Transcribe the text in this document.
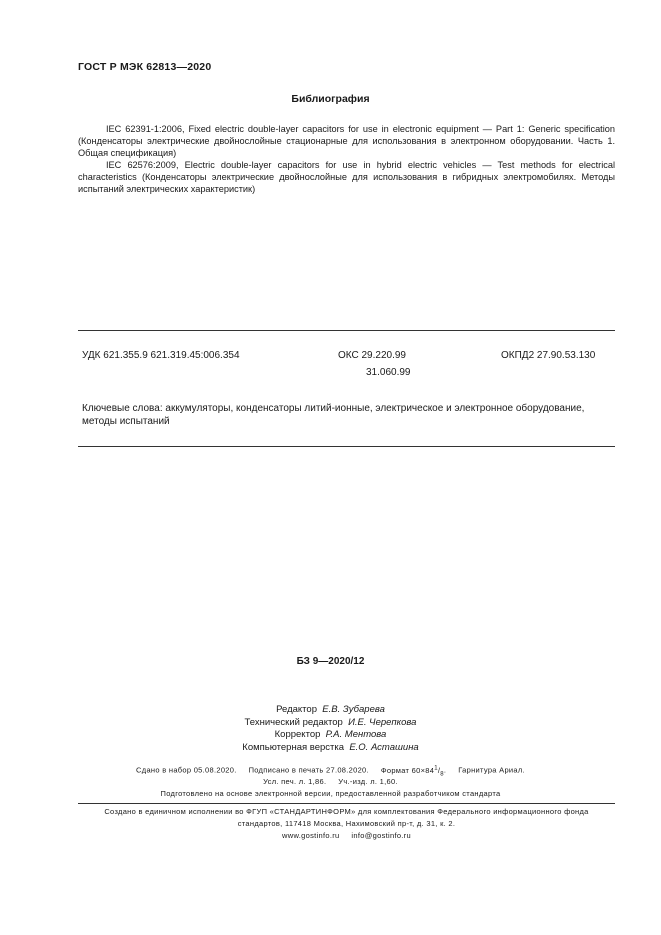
ГОСТ Р МЭК 62813—2020
Библиография
IEC 62391-1:2006, Fixed electric double-layer capacitors for use in electronic equipment — Part 1: Generic specification (Конденсаторы электрические двойнослойные стационарные для использования в электронном оборудовании. Часть 1. Общая спецификация)
IEC 62576:2009, Electric double-layer capacitors for use in hybrid electric vehicles — Test methods for electrical characteristics (Конденсаторы электрические двойнослойные для использования в гибридных электромобилях. Методы испытаний электрических характеристик)
УДК 621.355.9 621.319.45:006.354	ОКС 29.220.99
31.060.99
ОКПД2 27.90.53.130
Ключевые слова: аккумуляторы, конденсаторы литий-ионные, электрическое и электронное оборудование, методы испытаний
БЗ 9—2020/12
Редактор Е.В. Зубарева
Технический редактор И.Е. Черепкова
Корректор Р.А. Ментова
Компьютерная верстка Е.О. Асташина
Сдано в набор 05.08.2020. Подписано в печать 27.08.2020. Формат $60\times 84^1/_8$.     Гарнитура Ариал.
Усл. печ. л. 1,86. Уч.-изд. л. 1,60.
Подготовлено на основе электронной версии, предоставленной разработчиком стандарта
Создано в единичном исполнении во ФГУП «СТАНДАРТИНФОРМ» для комплектования Федерального информационного фонда
стандартов, 117418 Москва, Нахимовский пр-т, д. 31, к. 2.
www.gostinfo.ru info@gostinfo.ru
